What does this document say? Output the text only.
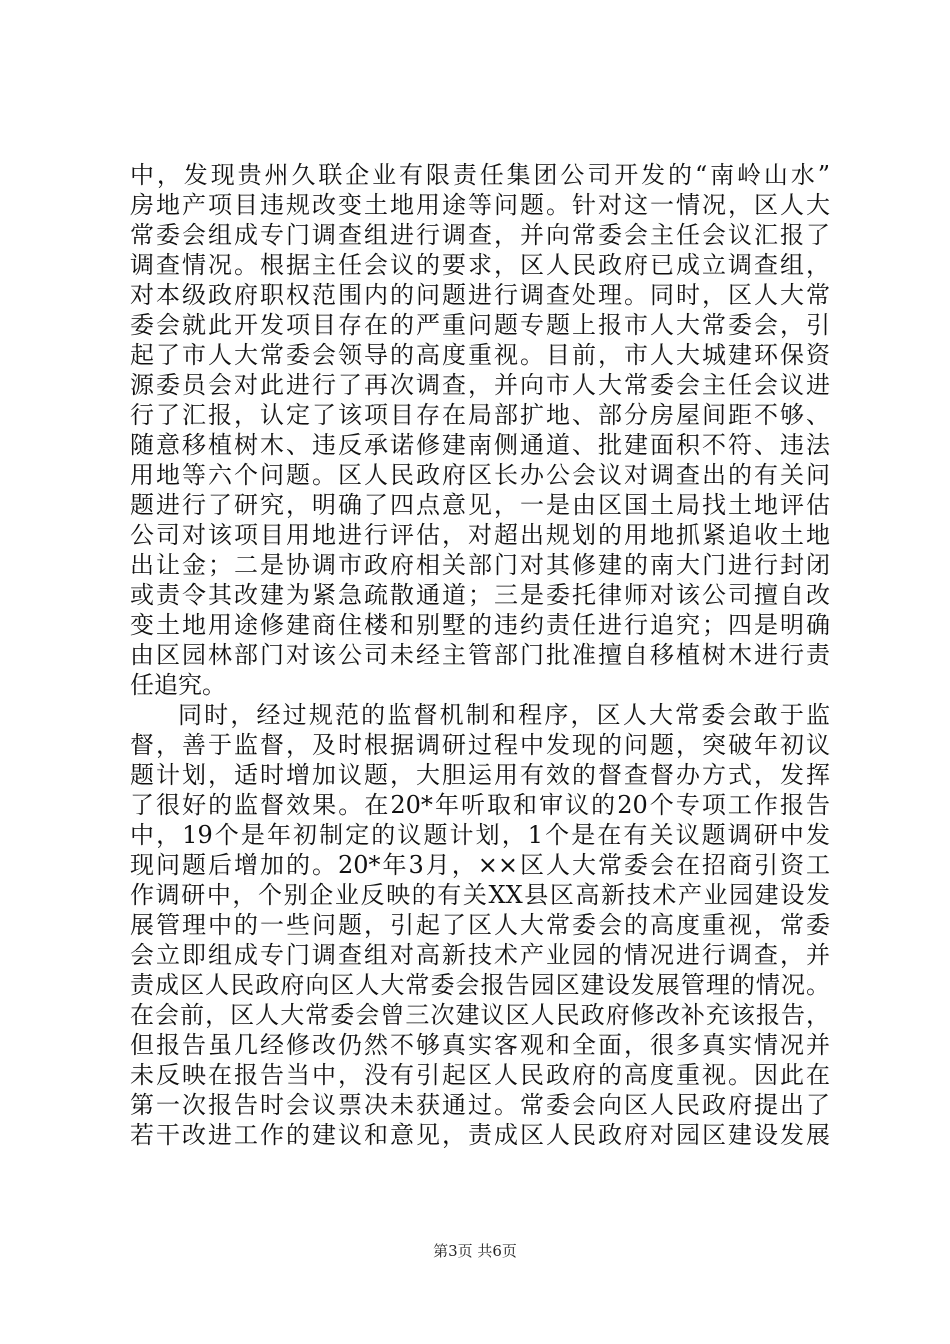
中，发现贵州久联企业有限责任集团公司开发的“南岭山水”
房地产项目违规改变土地用途等问题。针对这一情况，区人大
常委会组成专门调查组进行调查，并向常委会主任会议汇报了
调查情况。根据主任会议的要求，区人民政府已成立调查组，
对本级政府职权范围内的问题进行调查处理。同时，区人大常
委会就此开发项目存在的严重问题专题上报市人大常委会，引
起了市人大常委会领导的高度重视。目前，市人大城建环保资
源委员会对此进行了再次调查，并向市人大常委会主任会议进
行了汇报，认定了该项目存在局部扩地、部分房屋间距不够、
随意移植树木、违反承诺修建南侧通道、批建面积不符、违法
用地等六个问题。区人民政府区长办公会议对调查出的有关问
题进行了研究，明确了四点意见，一是由区国土局找土地评估
公司对该项目用地进行评估，对超出规划的用地抓紧追收土地
出让金；二是协调市政府相关部门对其修建的南大门进行封闭
或责令其改建为紧急疏散通道；三是委托律师对该公司擅自改
变土地用途修建商住楼和别墅的违约责任进行追究；四是明确
由区园林部门对该公司未经主管部门批准擅自移植树木进行责
任追究。
同时，经过规范的监督机制和程序，区人大常委会敢于监
督，善于监督，及时根据调研过程中发现的问题，突破年初议
题计划，适时增加议题，大胆运用有效的督查督办方式，发挥
了很好的监督效果。在20*年听取和审议的20个专项工作报告
中，19个是年初制定的议题计划，1个是在有关议题调研中发
现问题后增加的。20*年3月，××区人大常委会在招商引资工
作调研中，个别企业反映的有关XX县区高新技术产业园建设发
展管理中的一些问题，引起了区人大常委会的高度重视，常委
会立即组成专门调查组对高新技术产业园的情况进行调查，并
责成区人民政府向区人大常委会报告园区建设发展管理的情况。
在会前，区人大常委会曾三次建议区人民政府修改补充该报告，
但报告虽几经修改仍然不够真实客观和全面，很多真实情况并
未反映在报告当中，没有引起区人民政府的高度重视。因此在
第一次报告时会议票决未获通过。常委会向区人民政府提出了
若干改进工作的建议和意见，责成区人民政府对园区建设发展
第3页 共6页
